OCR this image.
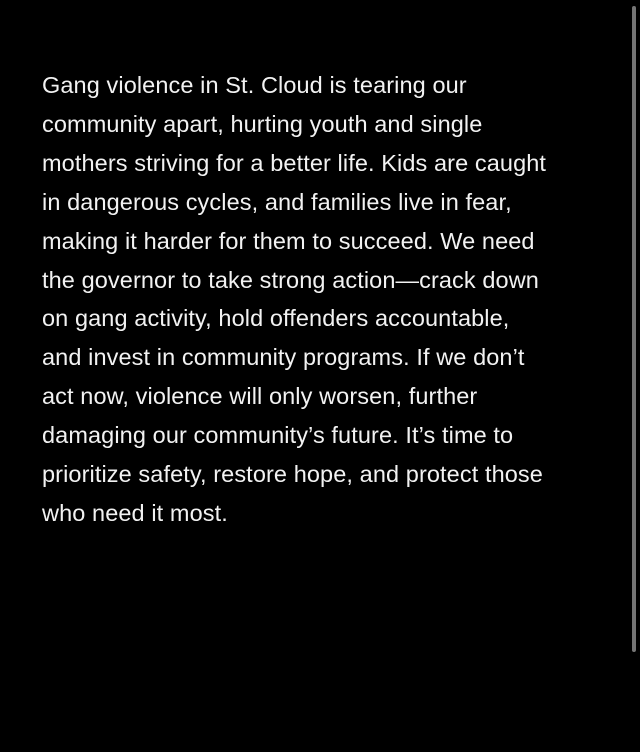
Gang violence in St. Cloud is tearing our
community apart, hurting youth and single
mothers striving for a better life. Kids are caught
in dangerous cycles, and families live in fear,
making it harder for them to succeed. We need
the governor to take strong action—crack down
on gang activity, hold offenders accountable,
and invest in community programs. If we don’t
act now, violence will only worsen, further
damaging our community’s future. It’s time to
prioritize safety, restore hope, and protect those
who need it most.
